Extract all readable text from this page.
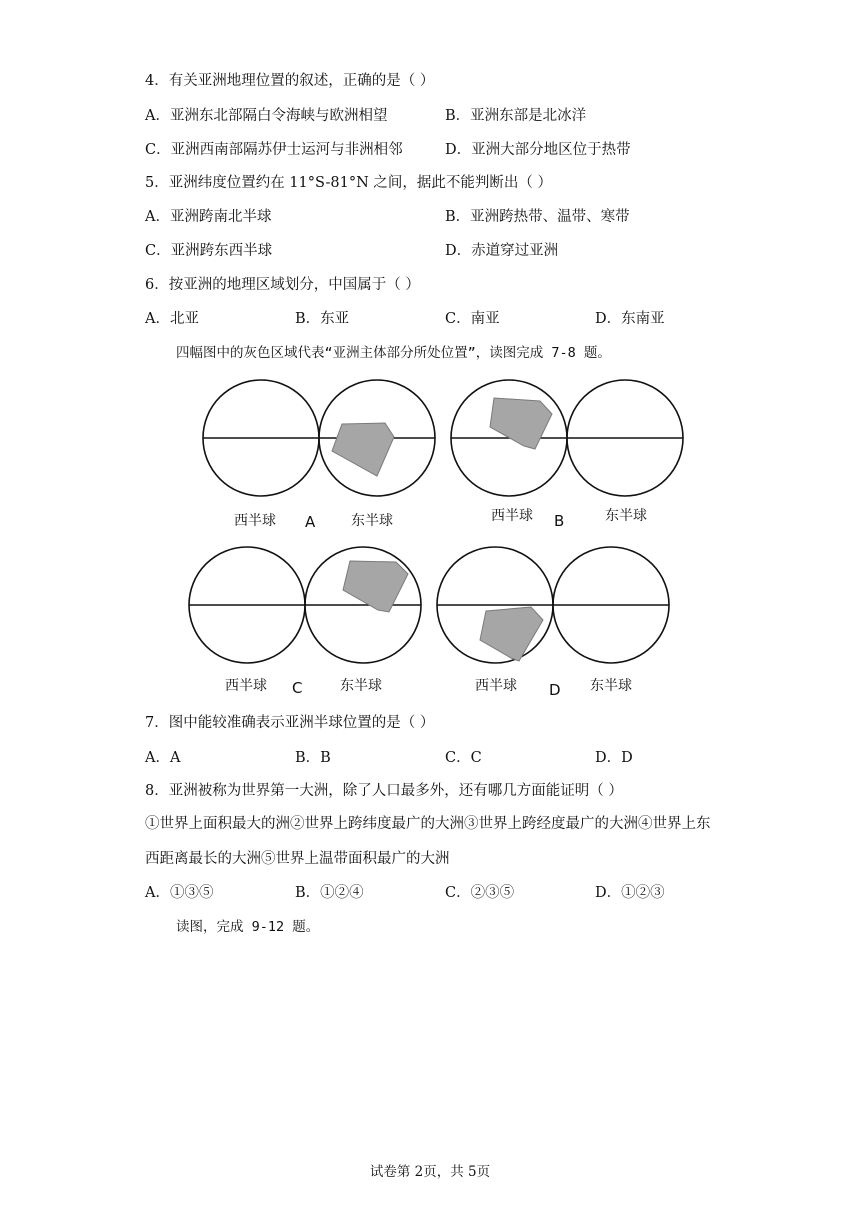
4．有关亚洲地理位置的叙述，正确的是（ ）
A．亚洲东北部隔白令海峡与欧洲相望	B．亚洲东部是北冰洋
C．亚洲西南部隔苏伊士运河与非洲相邻	D．亚洲大部分地区位于热带
5．亚洲纬度位置约在 11°S-81°N 之间，据此不能判断出（ ）
A．亚洲跨南北半球	B．亚洲跨热带、温带、寒带
C．亚洲跨东西半球	D．赤道穿过亚洲
6．按亚洲的地理区域划分，中国属于（ ）
A．北亚	B．东亚	C．南亚	D．东南亚
四幅图中的灰色区域代表“亚洲主体部分所处位置”，读图完成 7-8 题。
西半球 A	东半球	西半球 B	东半球
西半球 C	东半球	西半球 D 东半球
7．图中能较准确表示亚洲半球位置的是（ ）
A．A	B．B	C．C	D．D
8．亚洲被称为世界第一大洲，除了人口最多外，还有哪几方面能证明（ ）
①世界上面积最大的洲②世界上跨纬度最广的大洲③世界上跨经度最广的大洲④世界上东西距离最长的大洲⑤世界上温带面积最广的大洲
A．①③⑤	B．①②④	C．②③⑤	D．①②③
读图，完成 9-12 题。
试卷第 2页，共 5页
